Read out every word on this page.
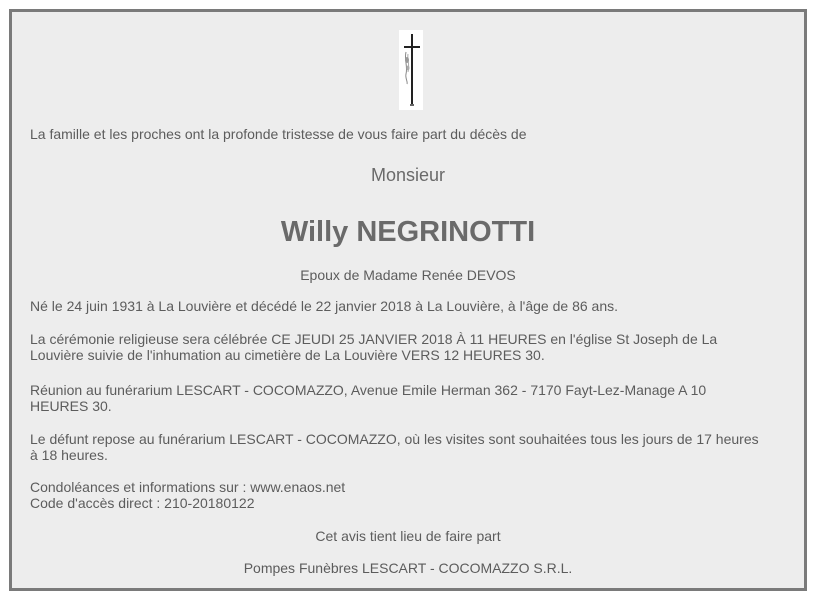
La famille et les proches ont la profonde tristesse de vous faire part du décès de
Monsieur
Willy NEGRINOTTI
Epoux de Madame Renée DEVOS
Né le 24 juin 1931 à La Louvière et décédé le 22 janvier 2018 à La Louvière, à l'âge de 86 ans.
La cérémonie religieuse sera célébrée CE JEUDI 25 JANVIER 2018 À 11 HEURES en l'église St Joseph de La
Louvière suivie de l'inhumation au cimetière de La Louvière VERS 12 HEURES 30.
Réunion au funérarium LESCART - COCOMAZZO, Avenue Emile Herman 362 - 7170 Fayt-Lez-Manage A 10
HEURES 30.
Le défunt repose au funérarium LESCART - COCOMAZZO, où les visites sont souhaitées tous les jours de 17 heures
à 18 heures.
Condoléances et informations sur : www.enaos.net
Code d'accès direct : 210-20180122
Cet avis tient lieu de faire part
Pompes Funèbres LESCART - COCOMAZZO S.R.L.
